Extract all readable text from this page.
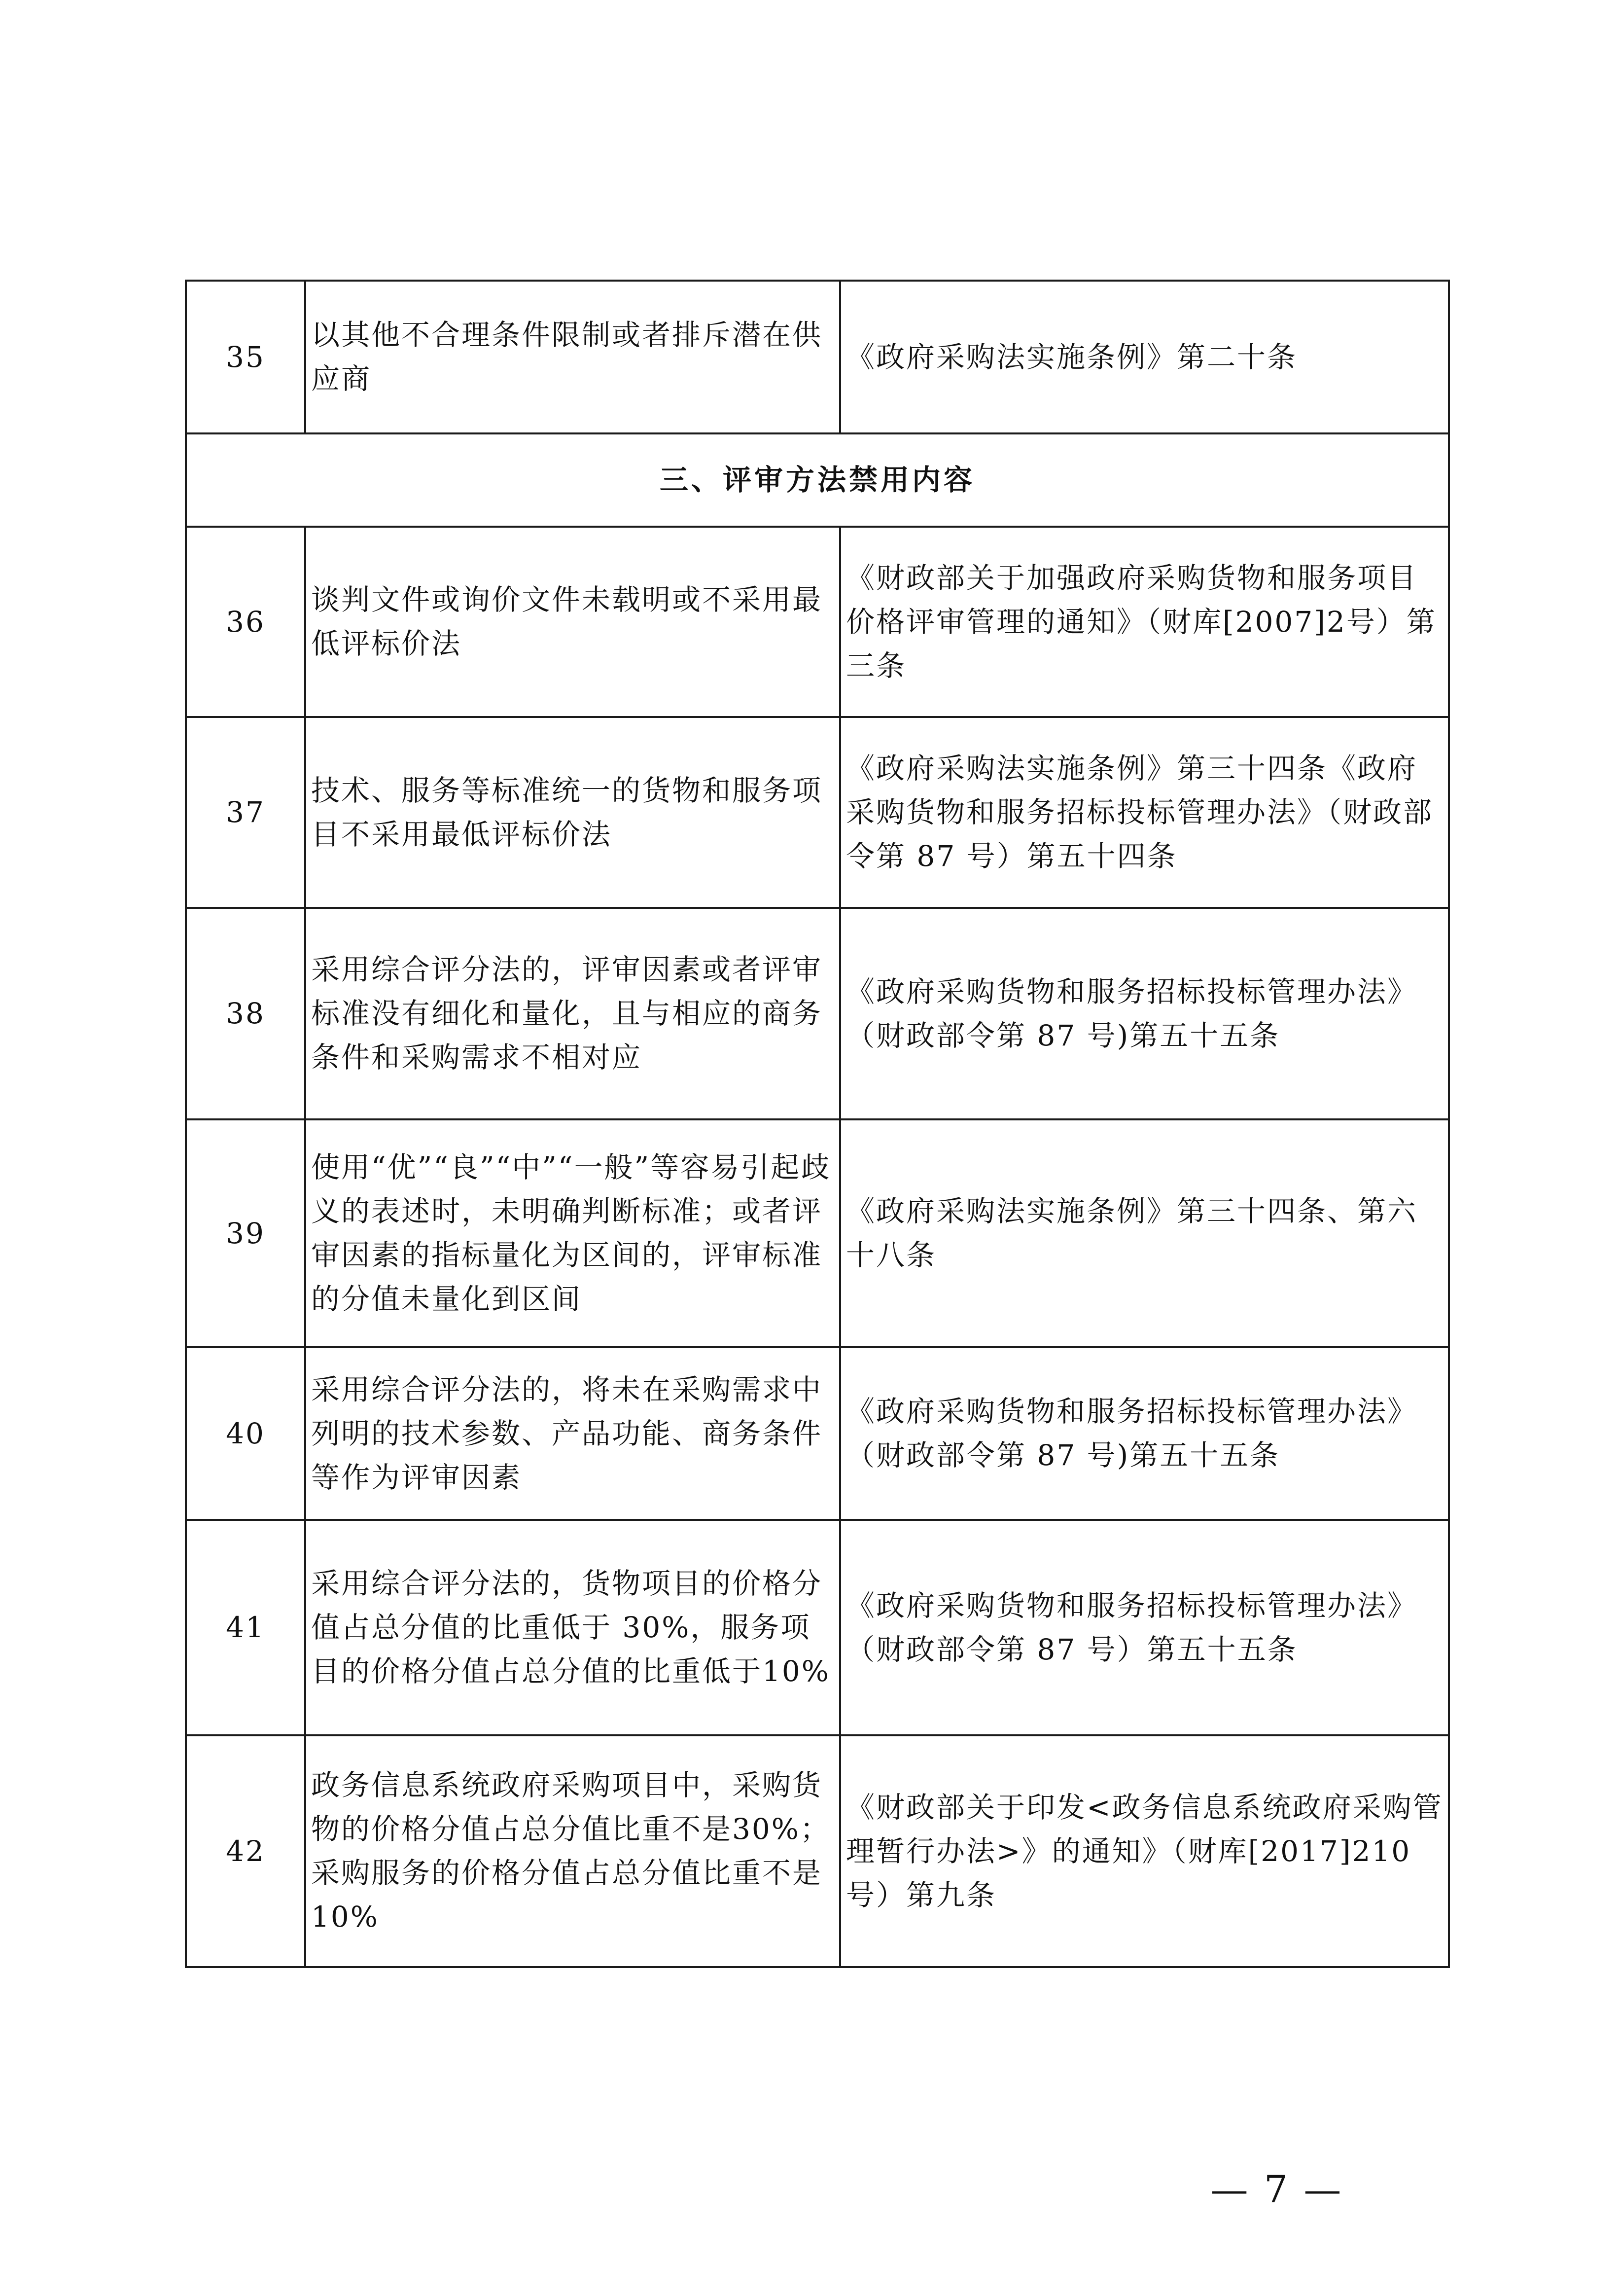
35	以其他不合理条件限制或者排斥潜在供应商	《政府采购法实施条例》第二十条
三、评审方法禁用内容		
36	谈判文件或询价文件未载明或不采用最低评标价法	《财政部关于加强政府采购货物和服务项目价格评审管理的通知》（财库[2007]2号）第三条
37	技术、服务等标准统一的货物和服务项目不采用最低评标价法	《政府采购法实施条例》第三十四条《政府采购货物和服务招标投标管理办法》（财政部令第 87 号）第五十四条
38	采用综合评分法的，评审因素或者评审标准没有细化和量化，且与相应的商务条件和采购需求不相对应	《政府采购货物和服务招标投标管理办法》（财政部令第 87 号)第五十五条
39	使用“优”“良”“中”“一般”等容易引起歧义的表述时，未明确判断标准；或者评审因素的指标量化为区间的，评审标准的分值未量化到区间	《政府采购法实施条例》第三十四条、第六十八条
40	采用综合评分法的，将未在采购需求中列明的技术参数、产品功能、商务条件等作为评审因素	《政府采购货物和服务招标投标管理办法》（财政部令第 87 号)第五十五条
41	采用综合评分法的，货物项目的价格分值占总分值的比重低于 30%，服务项目的价格分值占总分值的比重低于10%	《政府采购货物和服务招标投标管理办法》（财政部令第 87 号）第五十五条
42	政务信息系统政府采购项目中，采购货物的价格分值占总分值比重不是30%；采购服务的价格分值占总分值比重不是 10%	《财政部关于印发<政务信息系统政府采购管理暂行办法>》的通知》（财库[2017]210 号）第九条
— 7 —
